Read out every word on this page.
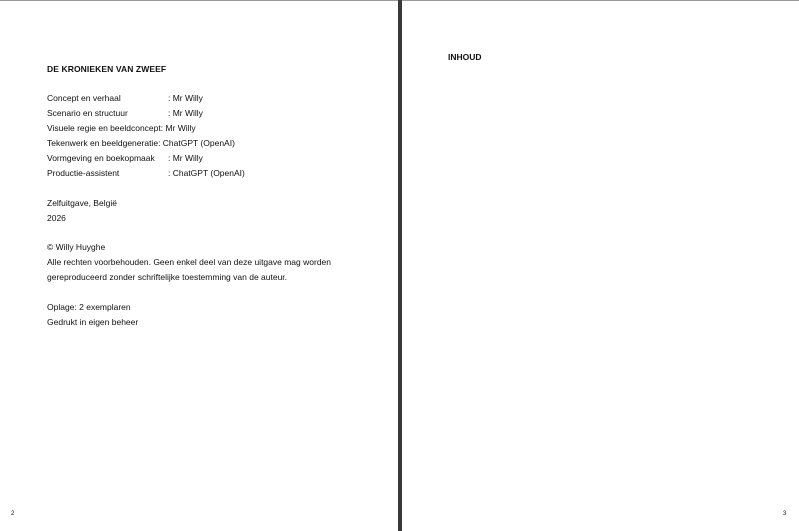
DE KRONIEKEN VAN ZWEEF
Concept en verhaal	: Mr Willy
Scenario en structuur	: Mr Willy
Visuele regie en beeldconcept : Mr Willy
Tekenwerk en beeldgeneratie : ChatGPT (OpenAI)
Vormgeving en boekopmaak	: Mr Willy
Productie-assistent	: ChatGPT (OpenAI)
Zelfuitgave, België
2026
© Willy Huyghe
Alle rechten voorbehouden. Geen enkel deel van deze uitgave mag worden
gereproduceerd zonder schriftelijke toestemming van de auteur.
Oplage: 2 exemplaren
Gedrukt in eigen beheer
2
INHOUD
3
